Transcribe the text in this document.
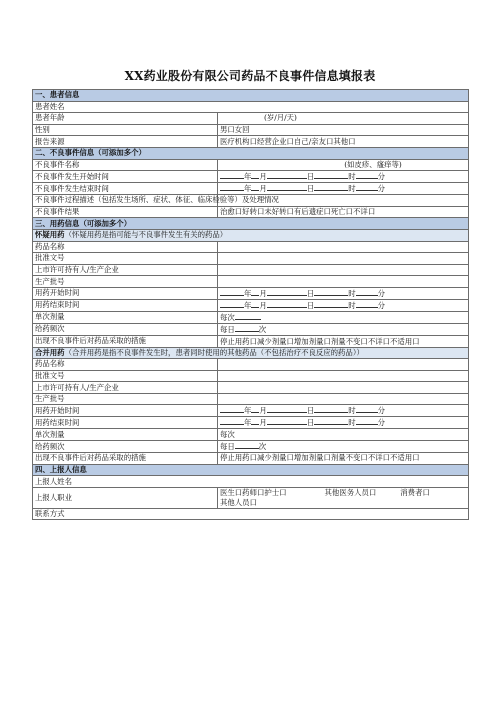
XX药业股份有限公司药品不良事件信息填报表
一、患者信息	
患者姓名	
患者年龄	(岁/月/天)
性别	男口女回
报告来源	医疗机构口经营企业口自己/亲友口其他口
二、不良事件信息（可添加多个）	
不良事件名称	(如皮疹、瘙痒等)
不良事件发生开始时间	年 月 日 时 分
不良事件发生结束时间	年 月 日 时 分
不良事件过程描述（包括发生场所、症状、体征、临床检验等）及处理情况	
不良事件结果	治愈口好转口未好转口有后遗症口死亡口不详口
三、用药信息（可添加多个）	
怀疑用药（怀疑用药是指可能与不良事件发生有关的药品）	
药品名称	
批准文号	
上市许可持有人/生产企业	
生产批号	
用药开始时间	年 月 日 时 分
用药结束时间	年 月 日 时 分
单次剂量	每次
给药频次	每日 次
出现不良事件后对药品采取的措施	停止用药口减少剂量口增加剂量口剂量不变口不详口不适用口
合并用药（合并用药是指不良事件发生时，患者同时使用的其他药品（不包括治疗不良反应的药品））	
药品名称	
批准文号	
上市许可持有人/生产企业	
生产批号	
用药开始时间	年 月 日 时 分
用药结束时间	年 月 日 时 分
单次剂量	每次
给药频次	每日 次
出现不良事件后对药品采取的措施	停止用药口减少剂量口增加剂量口剂量不变口不详口不适用口
四、上报人信息	
上报人姓名	
上报人职业	医生口药师口护士口 其他医务人员口 消费者口
其他人员口

联系方式	
